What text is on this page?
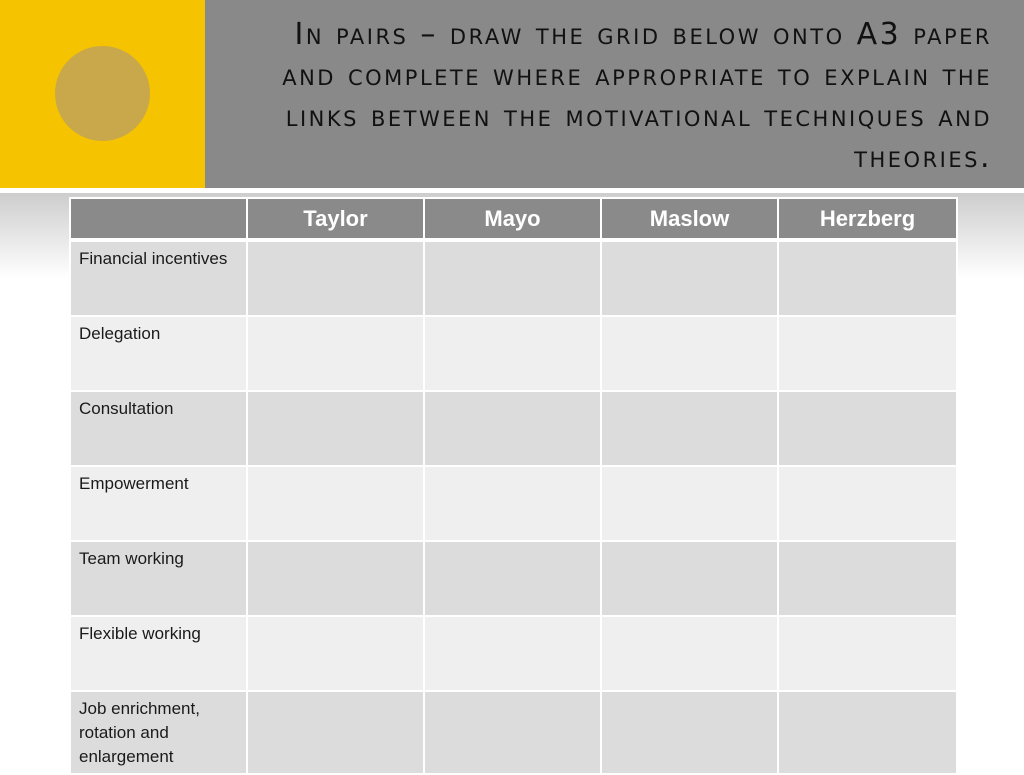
In pairs – draw the grid below onto A3 paper and complete where appropriate to explain the links between the motivational techniques and theories.
	Taylor	Mayo	Maslow	Herzberg
Financial incentives				
Delegation				
Consultation				
Empowerment				
Team working				
Flexible working				
Job enrichment, rotation and enlargement				
